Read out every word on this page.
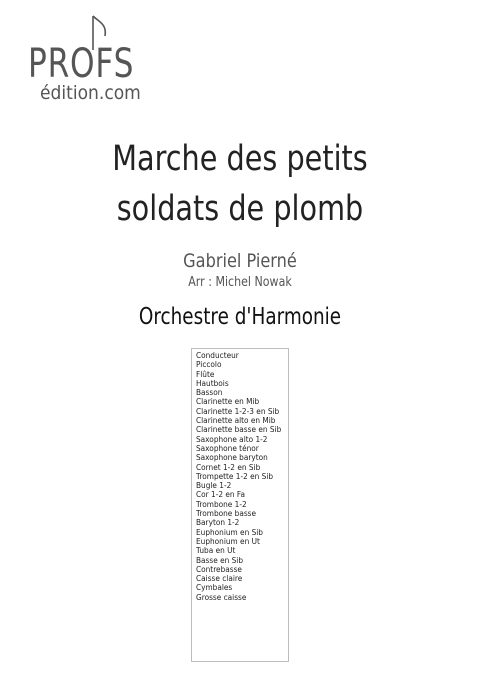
PROFS
édition.com
Marche des petits
soldats de plomb
Gabriel Pierné
Arr : Michel Nowak
Orchestre d'Harmonie
Conducteur
Piccolo
Flûte
Hautbois
Basson
Clarinette en Mib
Clarinette 1-2-3 en Sib
Clarinette alto en Mib
Clarinette basse en Sib
Saxophone alto 1-2
Saxophone ténor
Saxophone baryton
Cornet 1-2 en Sib
Trompette 1-2 en Sib
Bugle 1-2
Cor 1-2 en Fa
Trombone 1-2
Trombone basse
Baryton 1-2
Euphonium en Sib
Euphonium en Ut
Tuba en Ut
Basse en Sib
Contrebasse
Caisse claire
Cymbales
Grosse caisse
